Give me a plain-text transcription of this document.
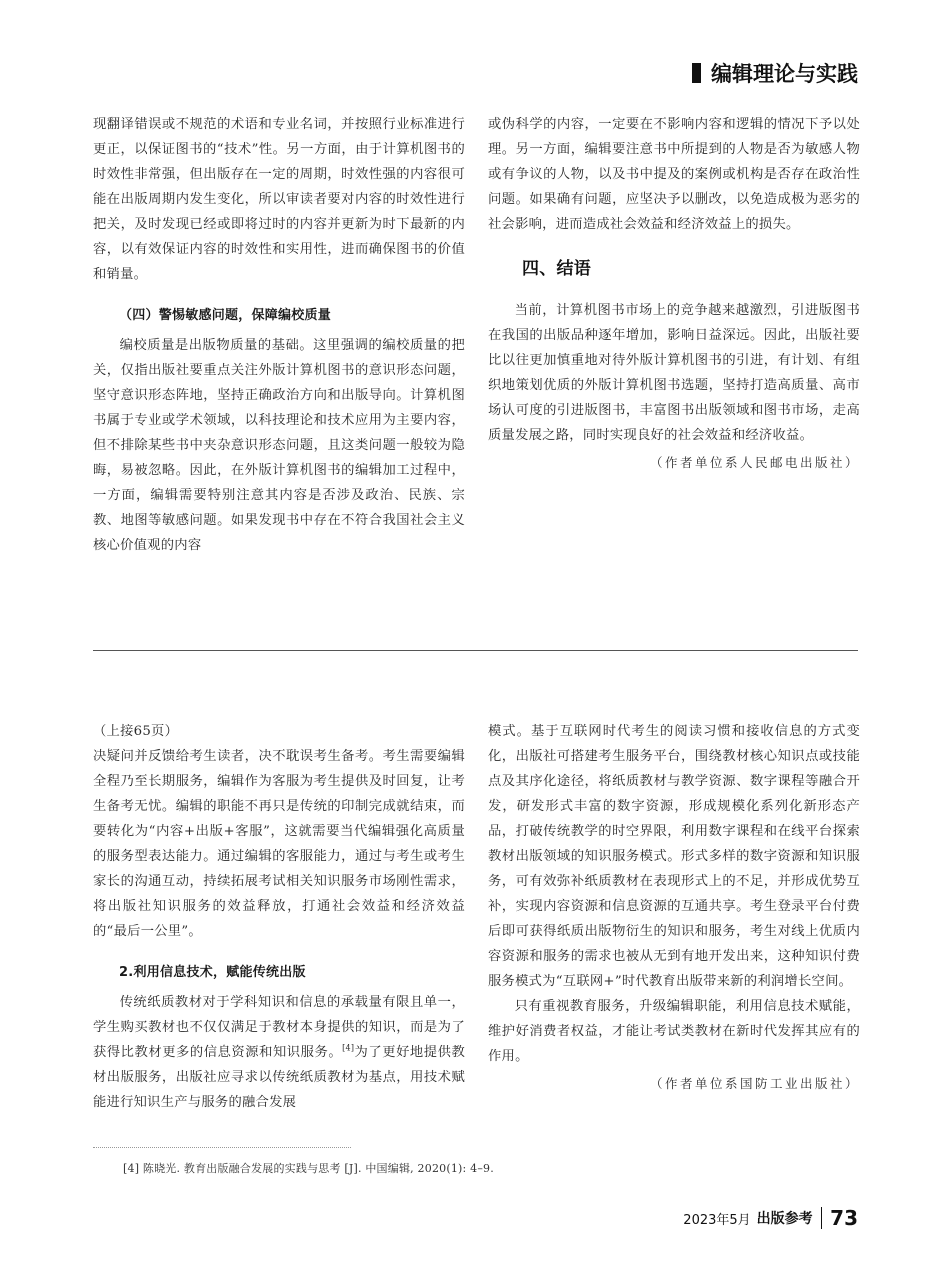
编辑理论与实践

现翻译错误或不规范的术语和专业名词，并按照行业标准进行更正，以保证图书的“技术”性。另一方面，由于计算机图书的时效性非常强，但出版存在一定的周期，时效性强的内容很可能在出版周期内发生变化，所以审读者要对内容的时效性进行把关，及时发现已经或即将过时的内容并更新为时下最新的内容，以有效保证内容的时效性和实用性，进而确保图书的价值和销量。

（四）警惕敏感问题，保障编校质量

编校质量是出版物质量的基础。这里强调的编校质量的把关，仅指出版社要重点关注外版计算机图书的意识形态问题，坚守意识形态阵地，坚持正确政治方向和出版导向。计算机图书属于专业或学术领域，以科技理论和技术应用为主要内容，但不排除某些书中夹杂意识形态问题，且这类问题一般较为隐晦，易被忽略。因此，在外版计算机图书的编辑加工过程中，一方面，编辑需要特别注意其内容是否涉及政治、民族、宗教、地图等敏感问题。如果发现书中存在不符合我国社会主义核心价值观的内容

或伪科学的内容，一定要在不影响内容和逻辑的情况下予以处理。另一方面，编辑要注意书中所提到的人物是否为敏感人物或有争议的人物，以及书中提及的案例或机构是否存在政治性问题。如果确有问题，应坚决予以删改，以免造成极为恶劣的社会影响，进而造成社会效益和经济效益上的损失。

四、结语

当前，计算机图书市场上的竞争越来越激烈，引进版图书在我国的出版品种逐年增加，影响日益深远。因此，出版社要比以往更加慎重地对待外版计算机图书的引进，有计划、有组织地策划优质的外版计算机图书选题，坚持打造高质量、高市场认可度的引进版图书，丰富图书出版领域和图书市场，走高质量发展之路，同时实现良好的社会效益和经济收益。

（作者单位系人民邮电出版社）

（上接65页）

决疑问并反馈给考生读者，决不耽误考生备考。考生需要编辑全程乃至长期服务，编辑作为客服为考生提供及时回复，让考生备考无忧。编辑的职能不再只是传统的印制完成就结束，而要转化为“内容+出版+客服”，这就需要当代编辑强化高质量的服务型表达能力。通过编辑的客服能力，通过与考生或考生家长的沟通互动，持续拓展考试相关知识服务市场刚性需求，将出版社知识服务的效益释放，打通社会效益和经济效益的“最后一公里”。

2.利用信息技术，赋能传统出版

传统纸质教材对于学科知识和信息的承载量有限且单一，学生购买教材也不仅仅满足于教材本身提供的知识，而是为了获得比教材更多的信息资源和知识服务。[4]为了更好地提供教材出版服务，出版社应寻求以传统纸质教材为基点，用技术赋能进行知识生产与服务的融合发展

模式。基于互联网时代考生的阅读习惯和接收信息的方式变化，出版社可搭建考生服务平台，围绕教材核心知识点或技能点及其序化途径，将纸质教材与教学资源、数字课程等融合开发，研发形式丰富的数字资源，形成规模化系列化新形态产品，打破传统教学的时空界限，利用数字课程和在线平台探索教材出版领域的知识服务模式。形式多样的数字资源和知识服务，可有效弥补纸质教材在表现形式上的不足，并形成优势互补，实现内容资源和信息资源的互通共享。考生登录平台付费后即可获得纸质出版物衍生的知识和服务，考生对线上优质内容资源和服务的需求也被从无到有地开发出来，这种知识付费服务模式为“互联网+”时代教育出版带来新的利润增长空间。

只有重视教育服务，升级编辑职能，利用信息技术赋能，维护好消费者权益，才能让考试类教材在新时代发挥其应有的作用。

（作者单位系国防工业出版社）

[4] 陈晓光. 教育出版融合发展的实践与思考 [J]. 中国编辑, 2020(1): 4–9.
2023年5月 出版参考 73
